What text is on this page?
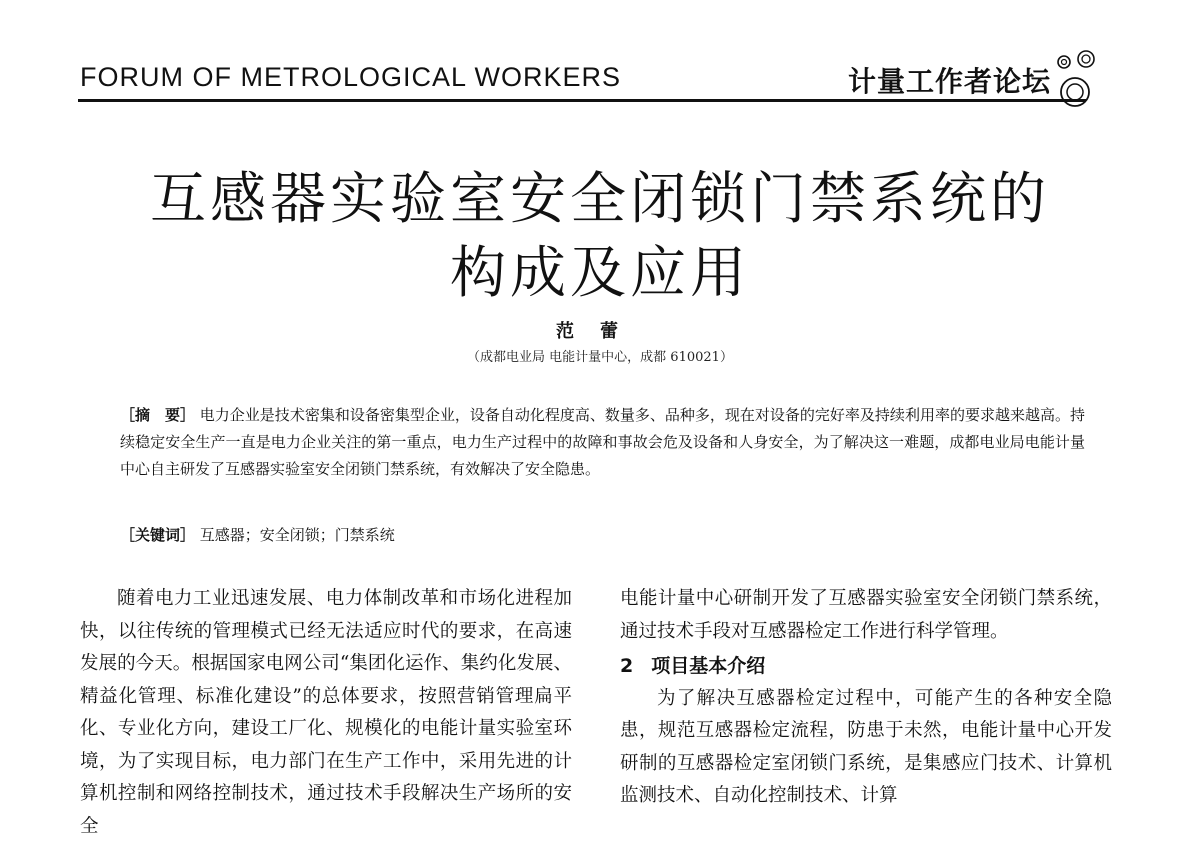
FORUM OF METROLOGICAL WORKERS	计量工作者论坛
互感器实验室安全闭锁门禁系统的
构成及应用
范蕾
（成都电业局 电能计量中心，成都 610021）
［摘　要］ 电力企业是技术密集和设备密集型企业，设备自动化程度高、数量多、品种多，现在对设备的完好率及持续利用率的要求越来越高。持续稳定安全生产一直是电力企业关注的第一重点，电力生产过程中的故障和事故会危及设备和人身安全，为了解决这一难题，成都电业局电能计量中心自主研发了互感器实验室安全闭锁门禁系统，有效解决了安全隐患。
［关键词］ 互感器；安全闭锁；门禁系统

随着电力工业迅速发展、电力体制改革和市场化进程加快，以往传统的管理模式已经无法适应时代的要求，在高速发展的今天。根据国家电网公司“集团化运作、集约化发展、精益化管理、标准化建设”的总体要求，按照营销管理扁平化、专业化方向，建设工厂化、规模化的电能计量实验室环境，为了实现目标，电力部门在生产工作中，采用先进的计算机控制和网络控制技术，通过技术手段解决生产场所的安全

电能计量中心研制开发了互感器实验室安全闭锁门禁系统，通过技术手段对互感器检定工作进行科学管理。

2 项目基本介绍

为了解决互感器检定过程中，可能产生的各种安全隐患，规范互感器检定流程，防患于未然，电能计量中心开发研制的互感器检定室闭锁门系统，是集感应门技术、计算机监测技术、自动化控制技术、计算
